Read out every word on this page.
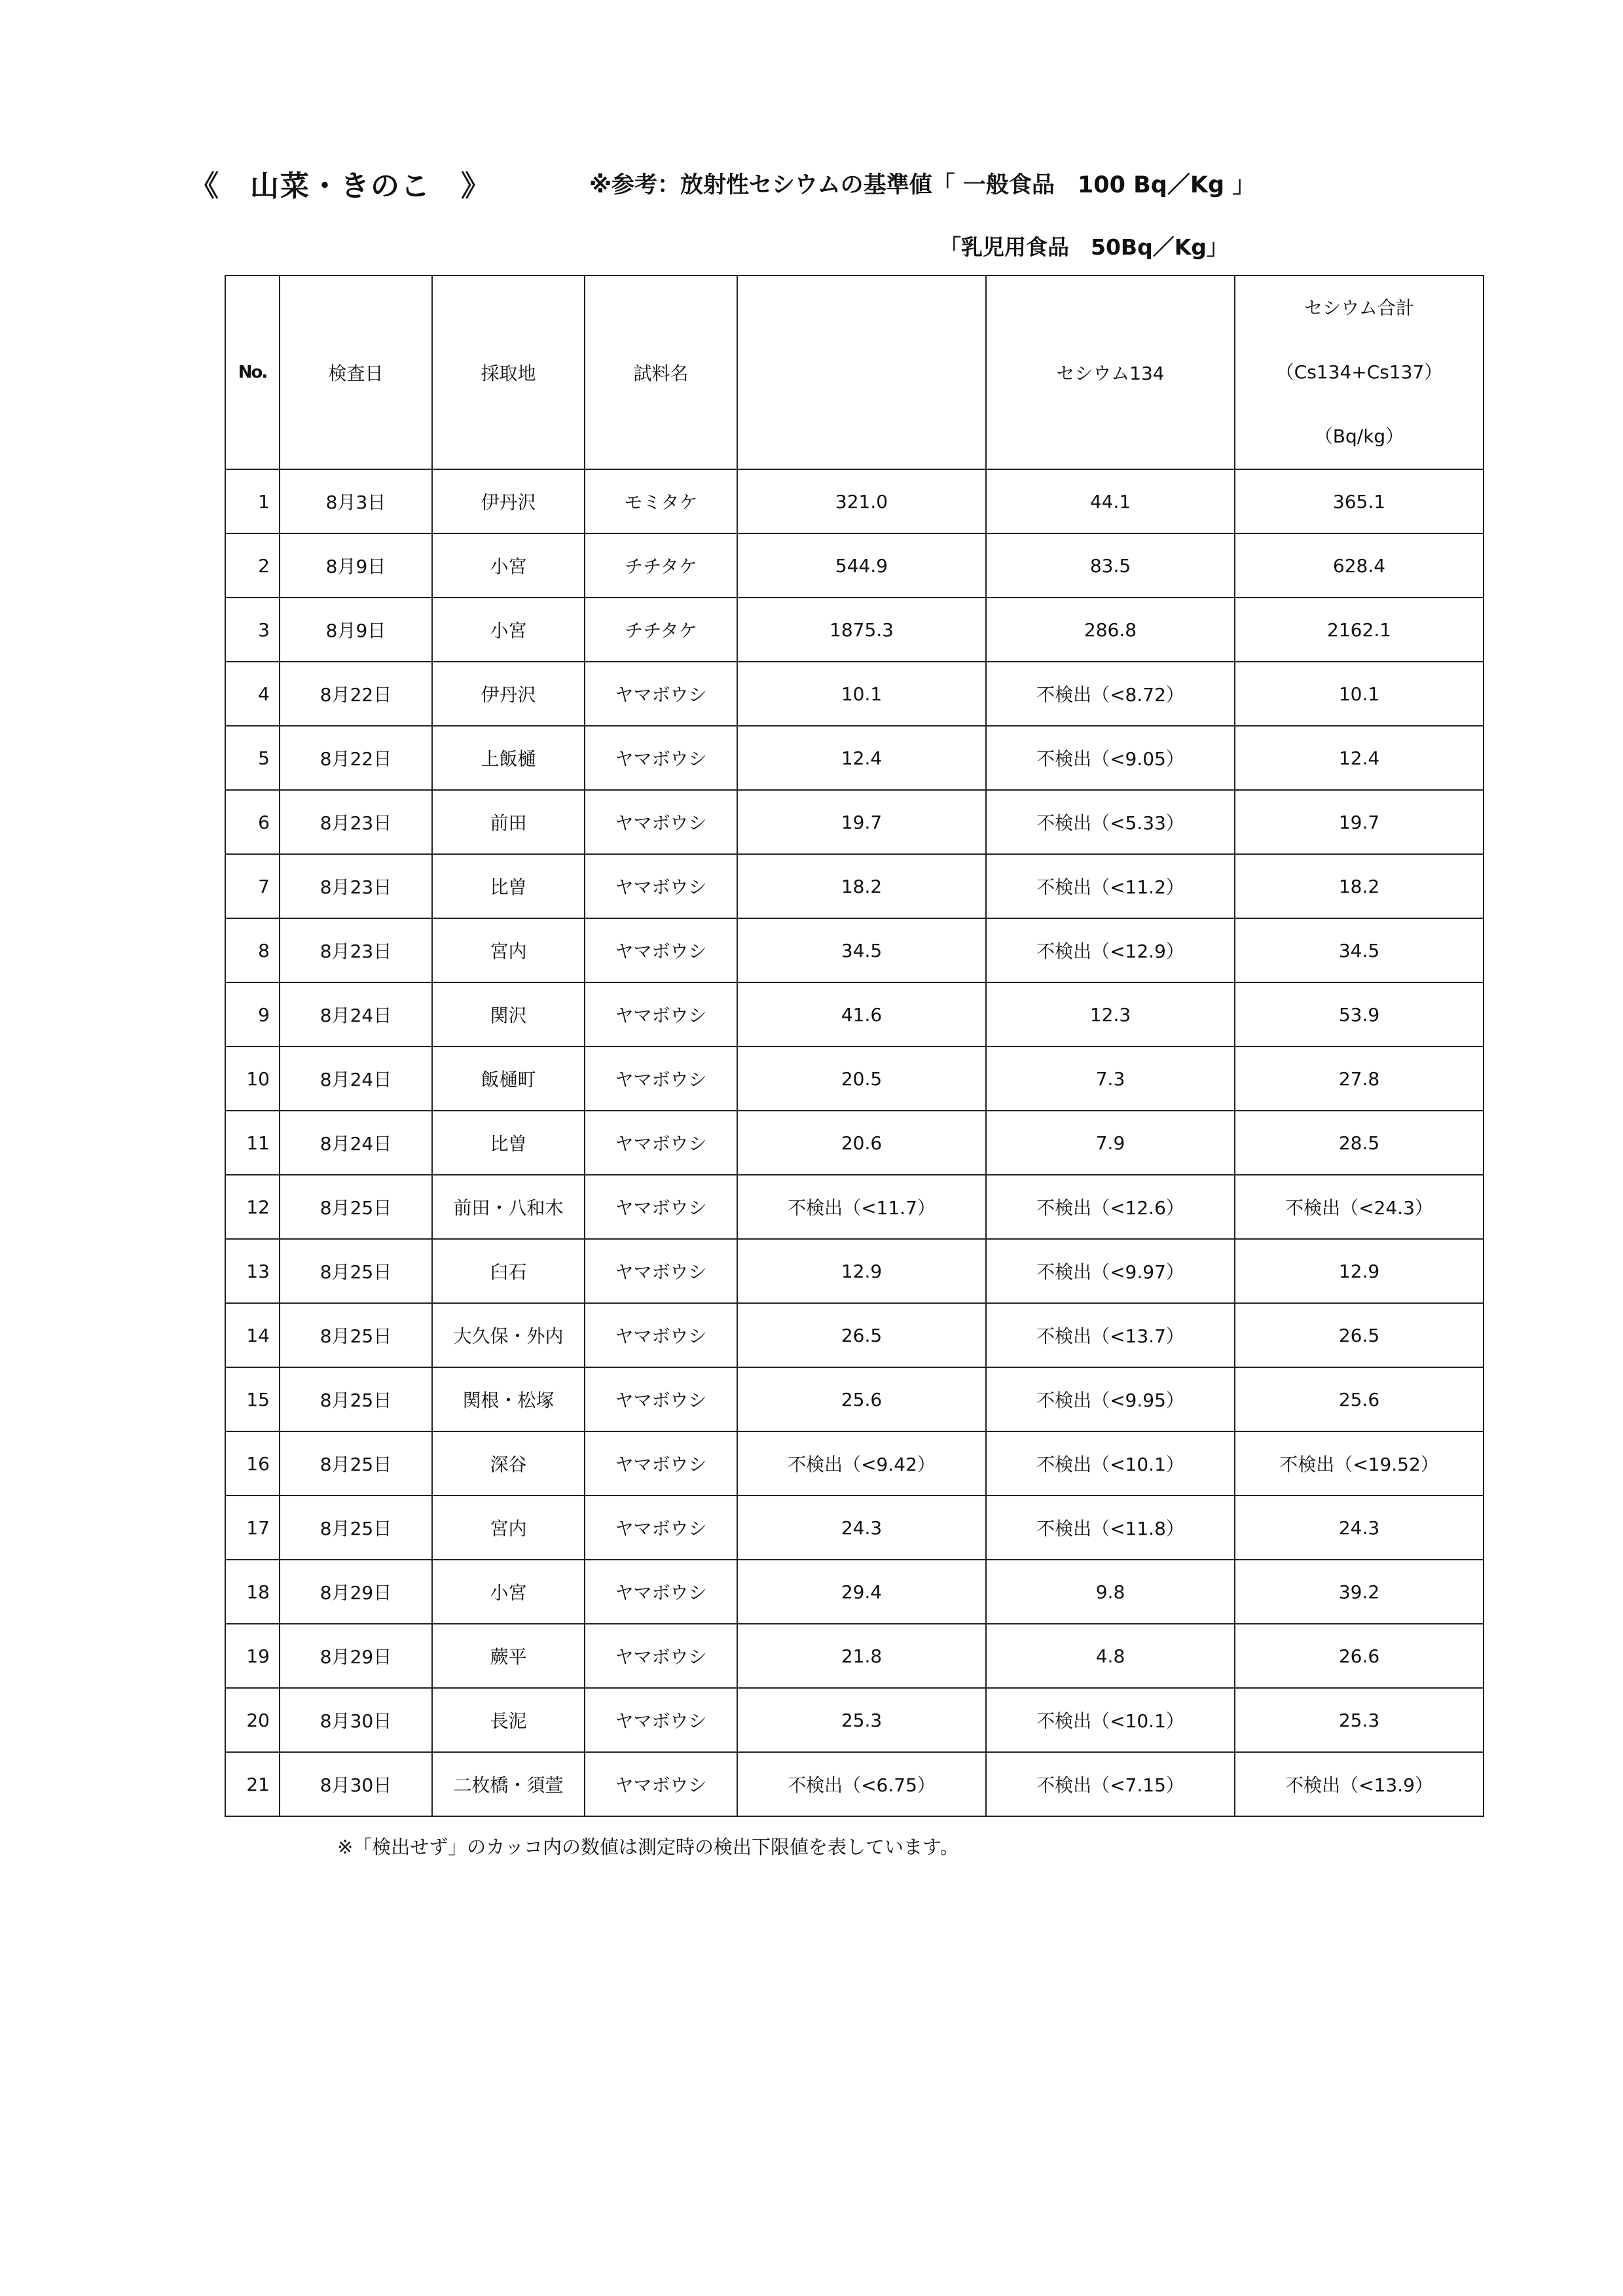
《　山菜・きのこ　》	※参考：放射性セシウムの基準値「 一般食品　100 Bq／Kg 」
「乳児用食品　50Bq／Kg」
No.	検査日	採取地	試料名		セシウム134	セシウム合計
（Cs134+Cs137）
（Bq/kg）

1	8月3日	伊丹沢	モミタケ	321.0	44.1	365.1
2	8月9日	小宮	チチタケ	544.9	83.5	628.4
3	8月9日	小宮	チチタケ	1875.3	286.8	2162.1
4	8月22日	伊丹沢	ヤマボウシ	10.1	不検出（<8.72）	10.1
5	8月22日	上飯樋	ヤマボウシ	12.4	不検出（<9.05）	12.4
6	8月23日	前田	ヤマボウシ	19.7	不検出（<5.33）	19.7
7	8月23日	比曽	ヤマボウシ	18.2	不検出（<11.2）	18.2
8	8月23日	宮内	ヤマボウシ	34.5	不検出（<12.9）	34.5
9	8月24日	関沢	ヤマボウシ	41.6	12.3	53.9
10	8月24日	飯樋町	ヤマボウシ	20.5	7.3	27.8
11	8月24日	比曽	ヤマボウシ	20.6	7.9	28.5
12	8月25日	前田・八和木	ヤマボウシ	不検出（<11.7）	不検出（<12.6）	不検出（<24.3）
13	8月25日	臼石	ヤマボウシ	12.9	不検出（<9.97）	12.9
14	8月25日	大久保・外内	ヤマボウシ	26.5	不検出（<13.7）	26.5
15	8月25日	関根・松塚	ヤマボウシ	25.6	不検出（<9.95）	25.6
16	8月25日	深谷	ヤマボウシ	不検出（<9.42）	不検出（<10.1）	不検出（<19.52）
17	8月25日	宮内	ヤマボウシ	24.3	不検出（<11.8）	24.3
18	8月29日	小宮	ヤマボウシ	29.4	9.8	39.2
19	8月29日	蕨平	ヤマボウシ	21.8	4.8	26.6
20	8月30日	長泥	ヤマボウシ	25.3	不検出（<10.1）	25.3
21	8月30日	二枚橋・須萱	ヤマボウシ	不検出（<6.75）	不検出（<7.15）	不検出（<13.9）
※「検出せず」のカッコ内の数値は測定時の検出下限値を表しています。
